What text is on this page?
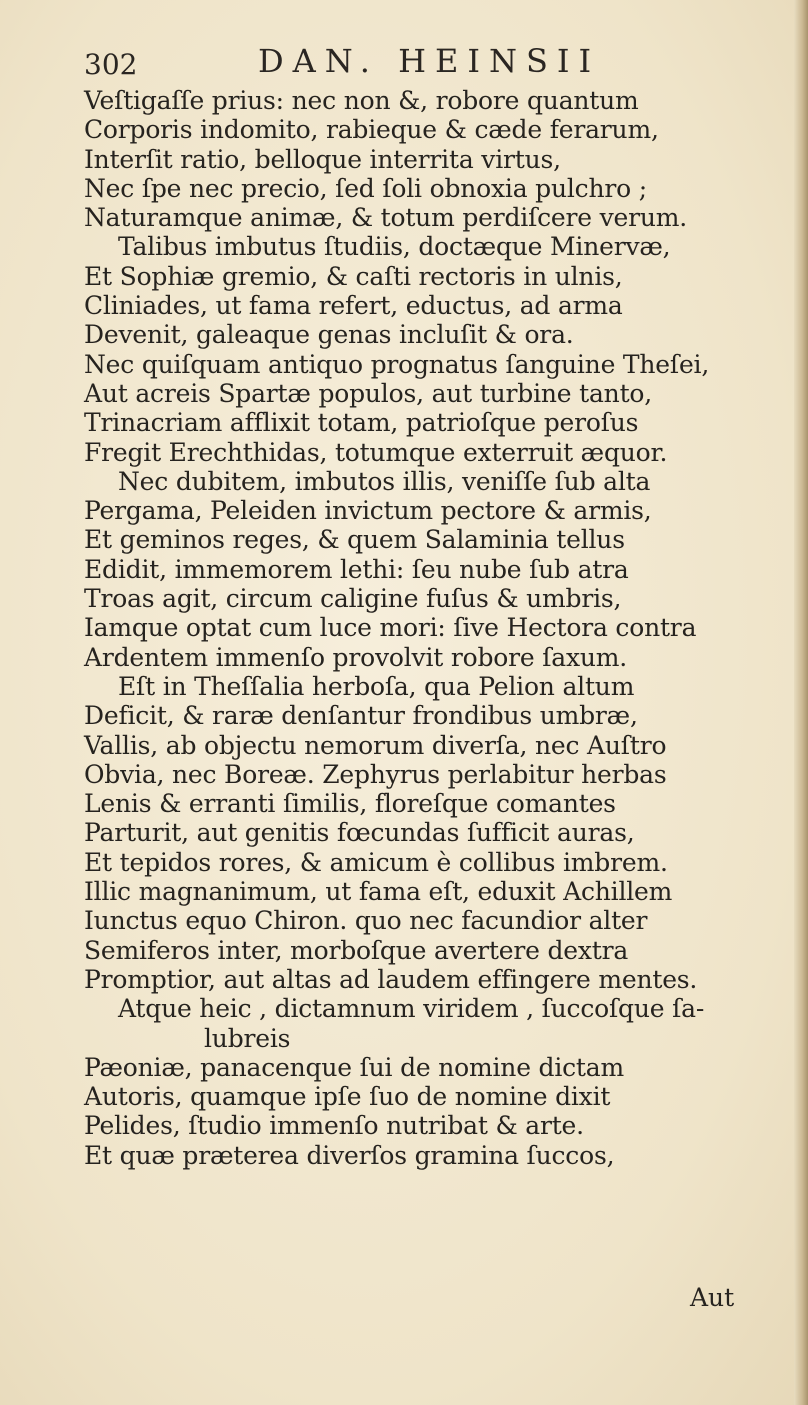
302	DAN. HEINSII
Veſtigaſſe prius: nec non &, robore quantum
Corporis indomito, rabieque & cæde ferarum,
Interſit ratio, belloque interrita virtus,
Nec ſpe nec precio, ſed ſoli obnoxia pulchro ;
Naturamque animæ, & totum perdiſcere verum.
Talibus imbutus ſtudiis, doctæque Minervæ,
Et Sophiæ gremio, & caſti rectoris in ulnis,
Cliniades, ut fama refert, eductus, ad arma
Devenit, galeaque genas incluſit & ora.
Nec quiſquam antiquo prognatus ſanguine Theſei,
Aut acreis Spartæ populos, aut turbine tanto,
Trinacriam afflixit totam, patrioſque peroſus
Fregit Erechthidas, totumque exterruit æquor.
Nec dubitem, imbutos illis, veniſſe ſub alta
Pergama, Peleiden invictum pectore & armis,
Et geminos reges, & quem Salaminia tellus
Edidit, immemorem lethi: ſeu nube ſub atra
Troas agit, circum caligine fuſus & umbris,
Iamque optat cum luce mori: ſive Hectora contra
Ardentem immenſo provolvit robore ſaxum.
Eſt in Theſſalia herboſa, qua Pelion altum
Deficit, & raræ denſantur frondibus umbræ,
Vallis, ab objectu nemorum diverſa, nec Auſtro
Obvia, nec Boreæ. Zephyrus perlabitur herbas
Lenis & erranti ſimilis, floreſque comantes
Parturit, aut genitis fœcundas ſufficit auras,
Et tepidos rores, & amicum è collibus imbrem.
Illic magnanimum, ut fama eſt, eduxit Achillem
Iunctus equo Chiron. quo nec facundior alter
Semiferos inter, morboſque avertere dextra
Promptior, aut altas ad laudem effingere mentes.
Atque heic , dictamnum viridem , ſuccoſque ſa-
lubreis
Pæoniæ, panacenque ſui de nomine dictam
Autoris, quamque ipſe ſuo de nomine dixit
Pelides, ſtudio immenſo nutribat & arte.
Et quæ præterea diverſos gramina ſuccos,
Aut
